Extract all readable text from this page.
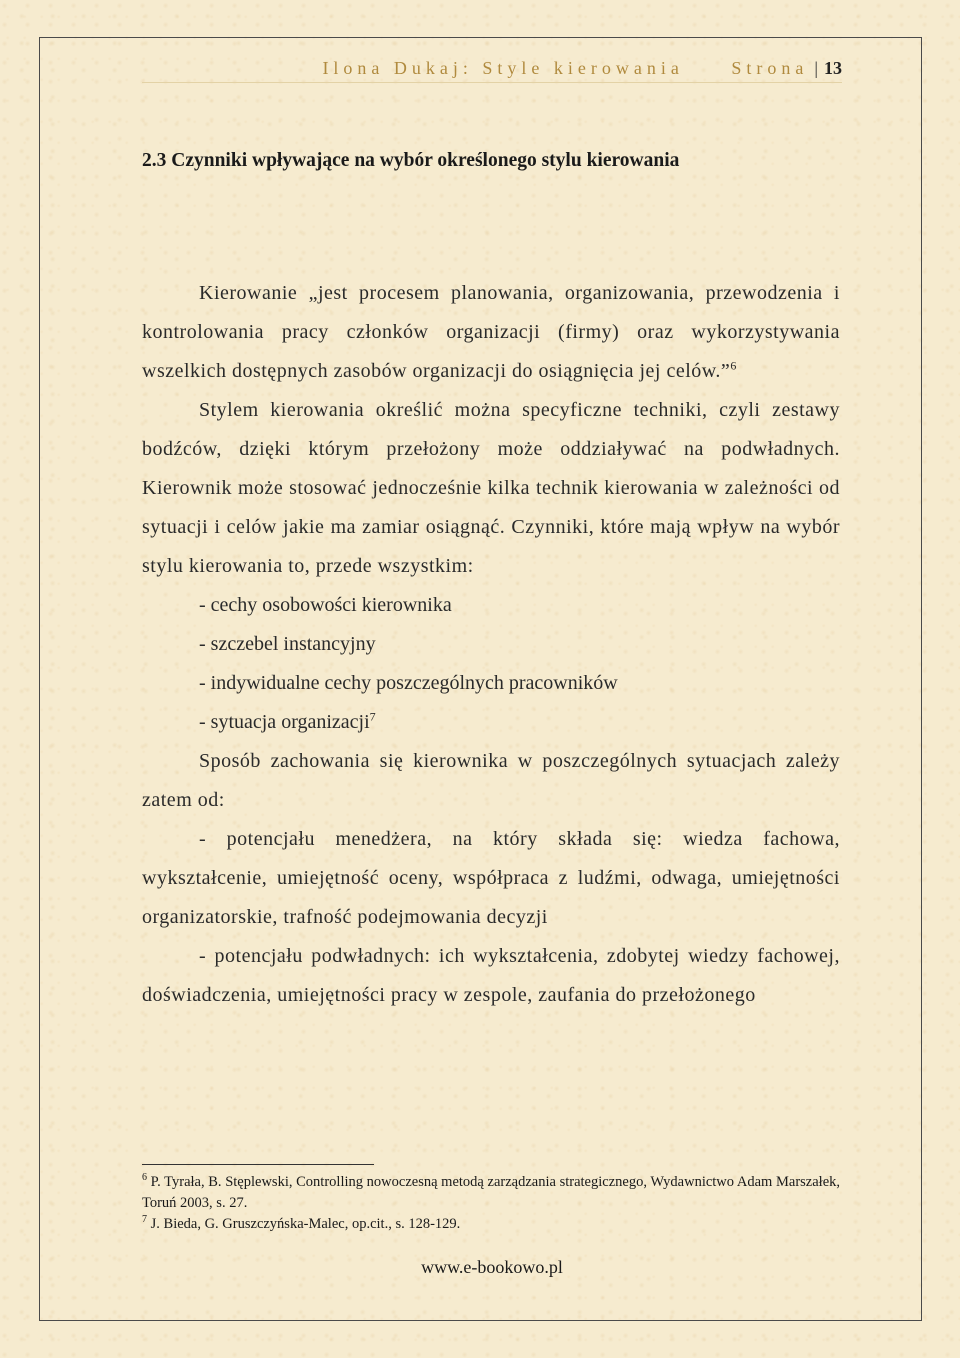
Ilona Dukaj: Style kierowania	Strona | 13
2.3 Czynniki wpływające na wybór określonego stylu kierowania

Kierowanie „jest procesem planowania, organizowania, przewodzenia i kontrolowania pracy członków organizacji (firmy) oraz wykorzystywania wszelkich dostępnych zasobów organizacji do osiągnięcia jej celów.”$^6$

Stylem kierowania określić można specyficzne techniki, czyli zestawy bodźców, dzięki którym przełożony może oddziaływać na podwładnych. Kierownik może stosować jednocześnie kilka technik kierowania w zależności od sytuacji i celów jakie ma zamiar osiągnąć. Czynniki, które mają wpływ na wybór stylu kierowania to, przede wszystkim:

- cechy osobowości kierownika

- szczebel instancyjny

- indywidualne cechy poszczególnych pracowników

- sytuacja organizacji$^7$

Sposób zachowania się kierownika w poszczególnych sytuacjach zależy zatem od:

- potencjału menedżera, na który składa się: wiedza fachowa, wykształcenie, umiejętność oceny, współpraca z ludźmi, odwaga, umiejętności organizatorskie, trafność podejmowania decyzji

- potencjału podwładnych: ich wykształcenia, zdobytej wiedzy fachowej, doświadczenia, umiejętności pracy w zespole, zaufania do przełożonego

$^6$ P. Tyrała, B. Stęplewski, Controlling nowoczesną metodą zarządzania strategicznego, Wydawnictwo Adam Marszałek, Toruń 2003, s. 27.

$^7$ J. Bieda, G. Gruszczyńska-Malec, op.cit., s. 128-129.

www.e-bookowo.pl
